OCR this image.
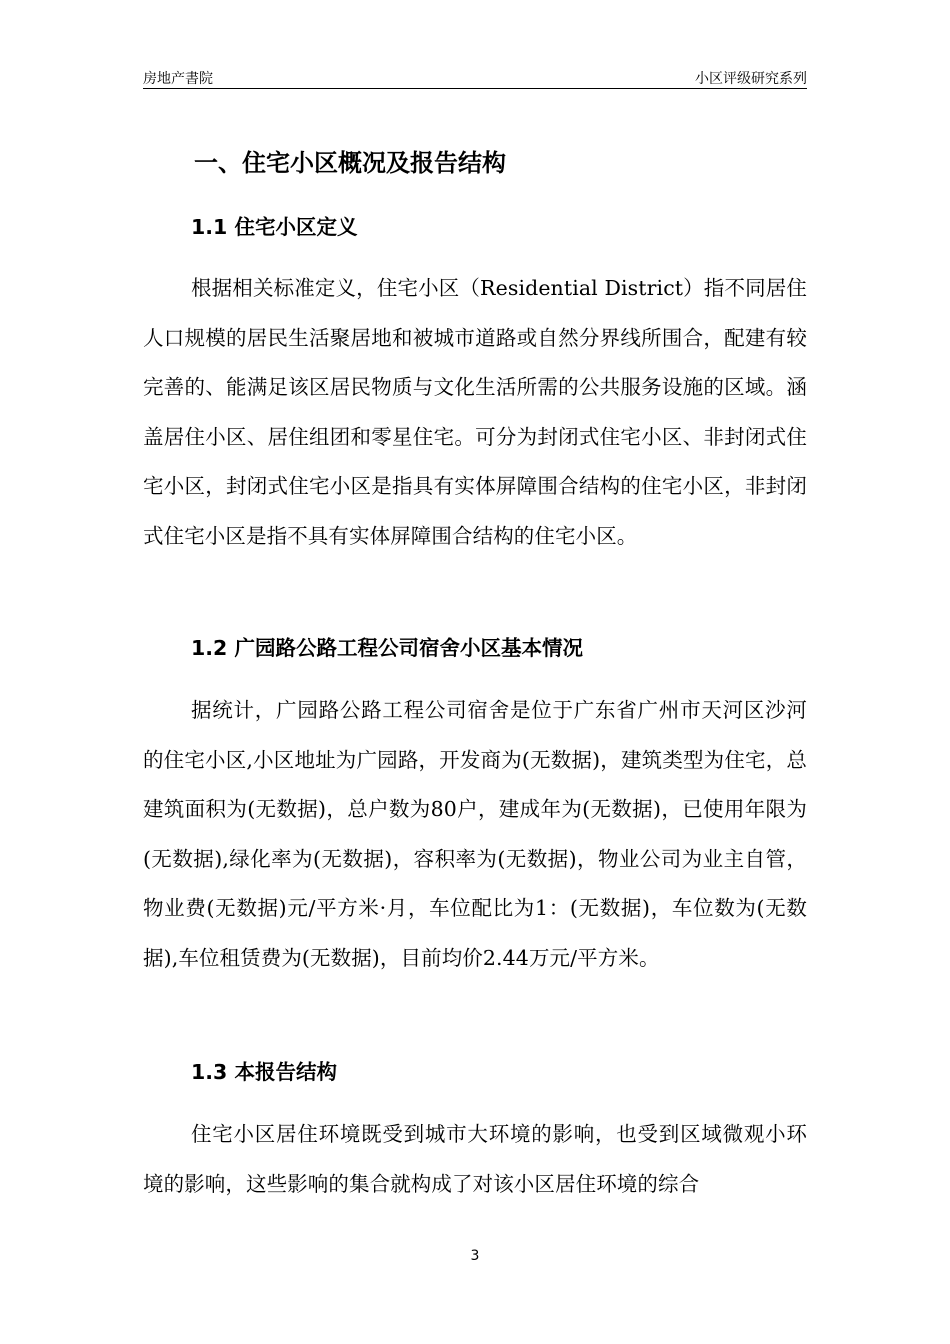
房地产書院	小区评级研究系列
一、住宅小区概况及报告结构
1.1 住宅小区定义

根据相关标准定义，住宅小区（Residential District）指不同居住人口规模的居民生活聚居地和被城市道路或自然分界线所围合，配建有较完善的、能满足该区居民物质与文化生活所需的公共服务设施的区域。涵盖居住小区、居住组团和零星住宅。可分为封闭式住宅小区、非封闭式住宅小区，封闭式住宅小区是指具有实体屏障围合结构的住宅小区，非封闭式住宅小区是指不具有实体屏障围合结构的住宅小区。

1.2 广园路公路工程公司宿舍小区基本情况

据统计，广园路公路工程公司宿舍是位于广东省广州市天河区沙河的住宅小区,小区地址为广园路，开发商为(无数据)，建筑类型为住宅，总建筑面积为(无数据)，总户数为80户，建成年为(无数据)，已使用年限为(无数据),绿化率为(无数据)，容积率为(无数据)，物业公司为业主自管，物业费(无数据)元/平方米·月，车位配比为1：(无数据)，车位数为(无数据),车位租赁费为(无数据)，目前均价2.44万元/平方米。

1.3 本报告结构

住宅小区居住环境既受到城市大环境的影响，也受到区域微观小环境的影响，这些影响的集合就构成了对该小区居住环境的综合

3
